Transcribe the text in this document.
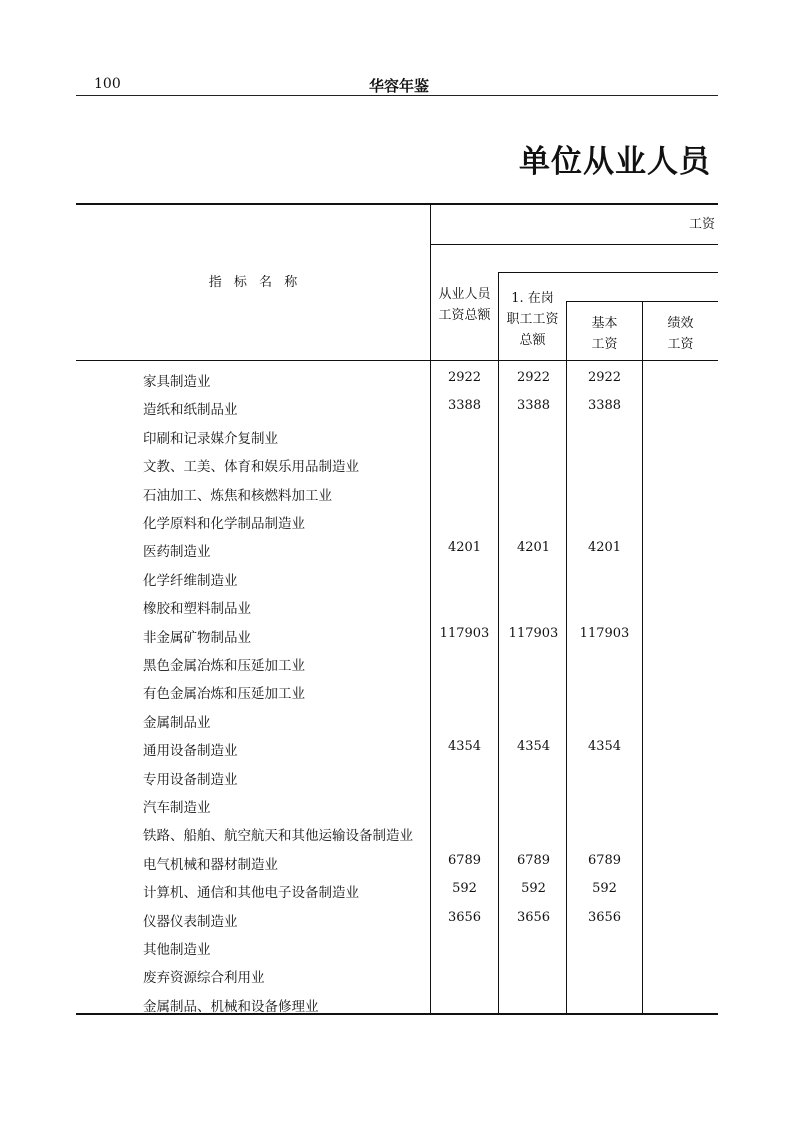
100	华容年鉴
单位从业人员
工资
指 标 名 称
从业人员
工资总额
1. 在岗
职工工资
总额
基本
工资
绩效
工资
家具制造业	2922	2922	2922
造纸和纸制品业	3388	3388	3388
印刷和记录媒介复制业
文教、工美、体育和娱乐用品制造业
石油加工、炼焦和核燃料加工业
化学原料和化学制品制造业
医药制造业	4201	4201	4201
化学纤维制造业
橡胶和塑料制品业
非金属矿物制品业	117903	117903	117903
黑色金属冶炼和压延加工业
有色金属冶炼和压延加工业
金属制品业
通用设备制造业	4354	4354	4354
专用设备制造业
汽车制造业
铁路、船舶、航空航天和其他运输设备制造业
电气机械和器材制造业	6789	6789	6789
计算机、通信和其他电子设备制造业	592	592	592
仪器仪表制造业	3656	3656	3656
其他制造业
废弃资源综合利用业
金属制品、机械和设备修理业
